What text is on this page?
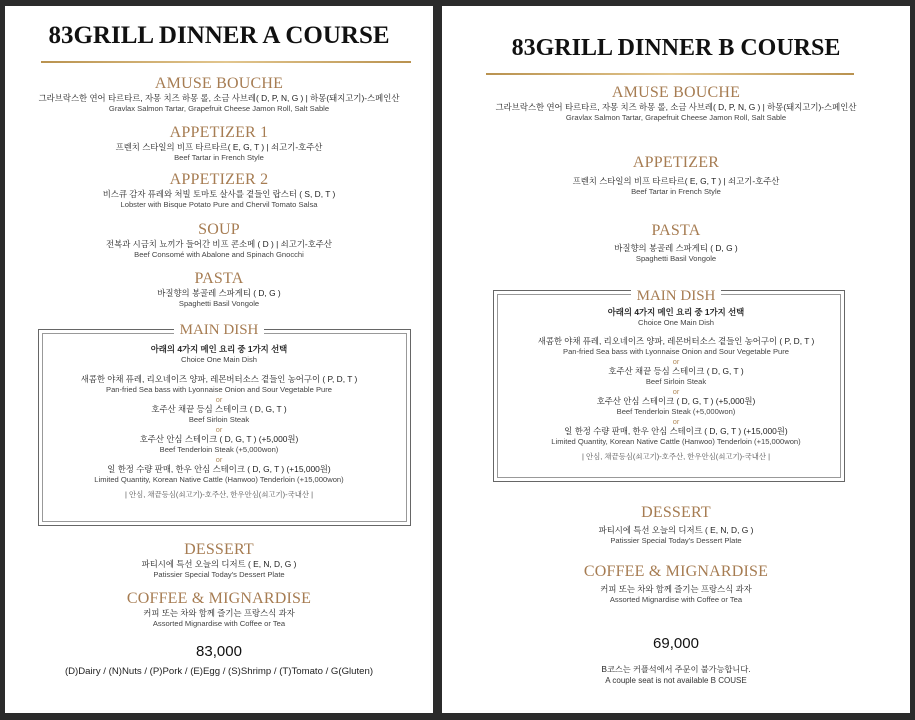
83GRILL DINNER A COURSE
AMUSE BOUCHE
그라브락스한 연어 타르타르, 자몽 치즈 하몽 롤, 소금 사브레( D, P, N, G ) | 하몽(돼지고기)-스페인산
Gravlax Salmon Tartar, Grapefruit Cheese Jamon Roll, Salt Sable
APPETIZER 1
프렌치 스타일의 비프 타르타르( E, G, T ) | 쇠고기-호주산
Beef Tartar in French Style
APPETIZER 2
비스큐 감자 퓨레와 처빌 토마토 살사를 곁들인 랍스터 ( S, D, T )
Lobster with Bisque Potato Pure and Chervil Tomato Salsa
SOUP
전복과 시금치 뇨끼가 들어간 비프 콘소메 ( D ) | 쇠고기-호주산
Beef Consomé with Abalone and Spinach Gnocchi
PASTA
바질향의 봉골레 스파게티 ( D, G )
Spaghetti Basil Vongole
MAIN DISH
아래의 4가지 메인 요리 중 1가지 선택
Choice One Main Dish
새콤한 야채 퓨레, 리오네이즈 양파, 레몬버터소스 곁들인 농어구이 ( P, D, T )
Pan-fried Sea bass with Lyonnaise Onion and Sour Vegetable Pure
or
호주산 채끝 등심 스테이크 ( D, G, T )
Beef Sirloin Steak
or
호주산 안심 스테이크 ( D, G, T ) (+5,000원)
Beef Tenderloin Steak (+5,000won)
or
일 한정 수량 판매, 한우 안심 스테이크 ( D, G, T ) (+15,000원)
Limited Quantity, Korean Native Cattle (Hanwoo) Tenderloin (+15,000won)
| 안심, 채끝등심(쇠고기)-호주산, 한우안심(쇠고기)-국내산 |
DESSERT
파티시에 특선 오늘의 디저트 ( E, N, D, G )
Patissier Special Today's Dessert Plate
COFFEE & MIGNARDISE
커피 또는 차와 함께 즐기는 프랑스식 과자
Assorted Mignardise with Coffee or Tea
83,000
(D)Dairy / (N)Nuts / (P)Pork / (E)Egg / (S)Shrimp / (T)Tomato / G(Gluten)
83GRILL DINNER B COURSE
AMUSE BOUCHE
그라브락스한 연어 타르타르, 자몽 치즈 하몽 롤, 소금 사브레( D, P, N, G ) | 하몽(돼지고기)-스페인산
Gravlax Salmon Tartar, Grapefruit Cheese Jamon Roll, Salt Sable
APPETIZER
프렌치 스타일의 비프 타르타르( E, G, T ) | 쇠고기-호주산
Beef Tartar in French Style
PASTA
바질향의 봉골레 스파게티 ( D, G )
Spaghetti Basil Vongole
MAIN DISH
아래의 4가지 메인 요리 중 1가지 선택
Choice One Main Dish
새콤한 야채 퓨레, 리오네이즈 양파, 레몬버터소스 곁들인 농어구이 ( P, D, T )
Pan-fried Sea bass with Lyonnaise Onion and Sour Vegetable Pure
or
호주산 채끝 등심 스테이크 ( D, G, T )
Beef Sirloin Steak
or
호주산 안심 스테이크 ( D, G, T ) (+5,000원)
Beef Tenderloin Steak (+5,000won)
or
일 한정 수량 판매, 한우 안심 스테이크 ( D, G, T ) (+15,000원)
Limited Quantity, Korean Native Cattle (Hanwoo) Tenderloin (+15,000won)
| 안심, 채끝등심(쇠고기)-호주산, 한우안심(쇠고기)-국내산 |
DESSERT
파티시에 특선 오늘의 디저트 ( E, N, D, G )
Patissier Special Today's Dessert Plate
COFFEE & MIGNARDISE
커피 또는 차와 함께 즐기는 프랑스식 과자
Assorted Mignardise with Coffee or Tea
69,000
B코스는 커플석에서 주문이 불가능합니다.
A couple seat is not available B COUSE
